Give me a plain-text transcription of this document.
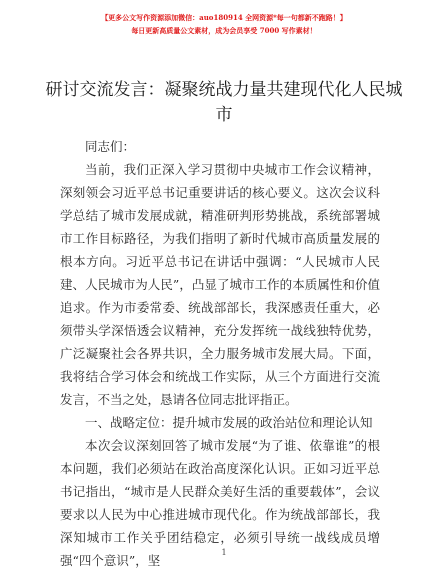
【更多公文写作资源添加微信：auo180914 全网资源*每一句都新不跑路！】
每日更新高质量公文素材，成为会员享受 7000 写作素材！
研讨交流发言：凝聚统战力量共建现代化人民城市

同志们：

当前，我们正深入学习贯彻中央城市工作会议精神，深刻领会习近平总书记重要讲话的核心要义。这次会议科学总结了城市发展成就，精准研判形势挑战，系统部署城市工作目标路径，为我们指明了新时代城市高质量发展的根本方向。习近平总书记在讲话中强调：“人民城市人民建、人民城市为人民”，凸显了城市工作的本质属性和价值追求。作为市委常委、统战部部长，我深感责任重大，必须带头学深悟透会议精神，充分发挥统一战线独特优势，广泛凝聚社会各界共识，全力服务城市发展大局。下面，我将结合学习体会和统战工作实际，从三个方面进行交流发言，不当之处，恳请各位同志批评指正。

一、战略定位：提升城市发展的政治站位和理论认知

本次会议深刻回答了城市发展“为了谁、依靠谁”的根本问题，我们必须站在政治高度深化认识。正如习近平总书记指出，“城市是人民群众美好生活的重要载体”，会议要求以人民为中心推进城市现代化。作为统战部部长，我深知城市工作关乎团结稳定，必须引导统一战线成员增强“四个意识”，坚

1
